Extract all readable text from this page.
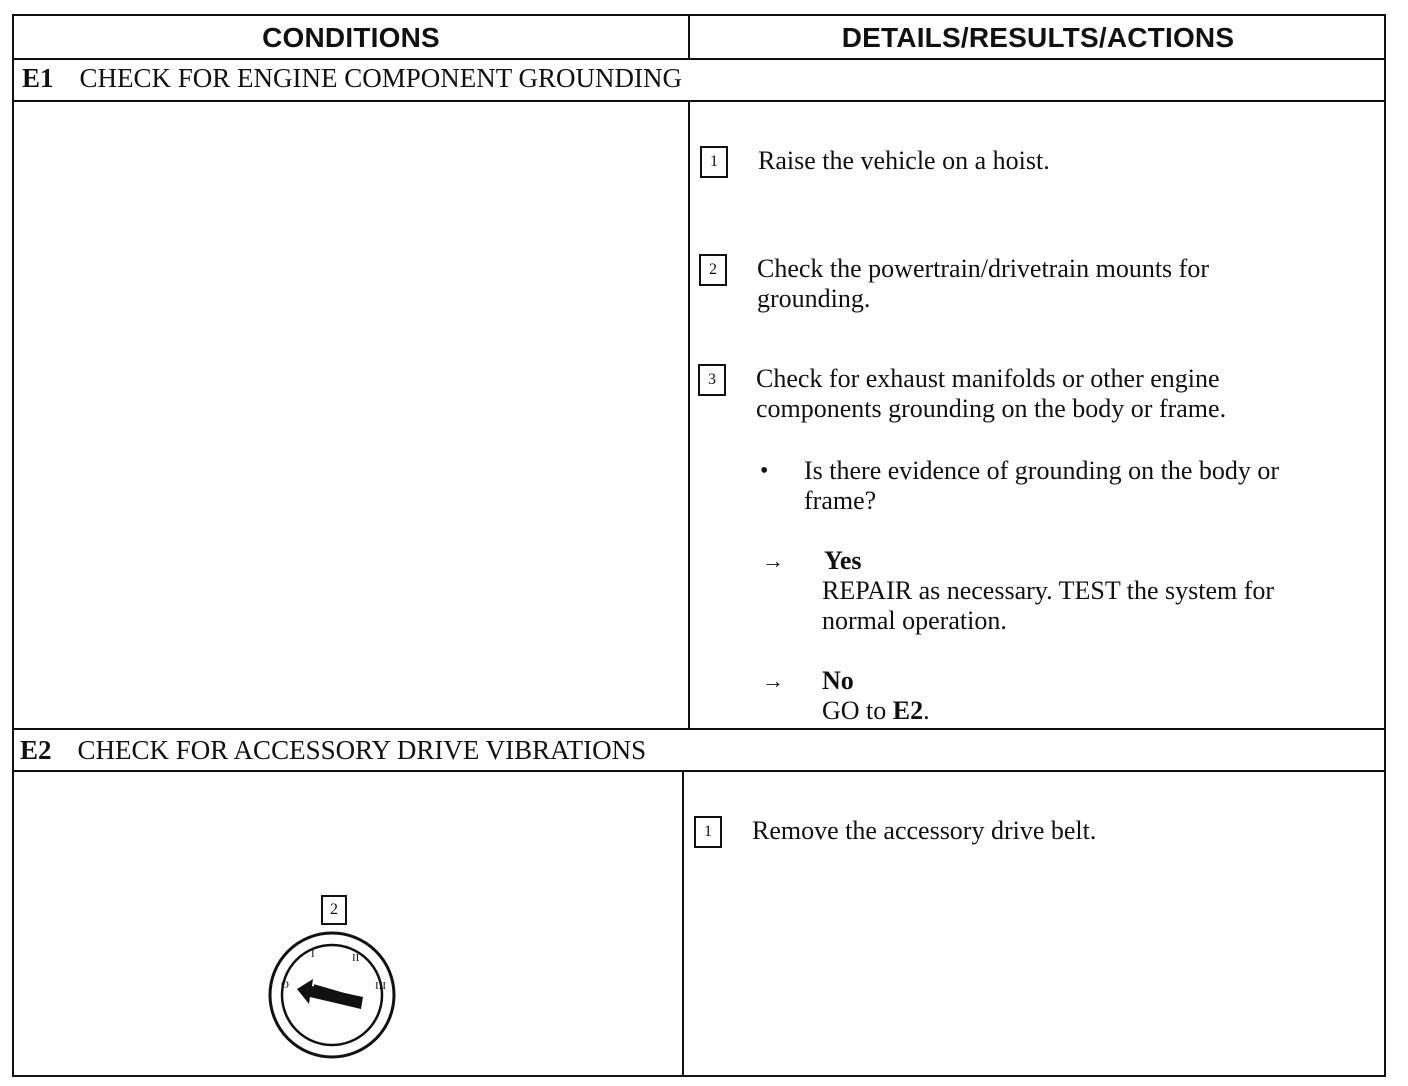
CONDITIONS	DETAILS/RESULTS/ACTIONS
E1 CHECK FOR ENGINE COMPONENT GROUNDING
1	Raise the vehicle on a hoist.
2	Check the powertrain/drivetrain mounts for
grounding.
3	Check for exhaust manifolds or other engine
components grounding on the body or frame.
• Is there evidence of grounding on the body or
frame?
→ Yes
REPAIR as necessary. TEST the system for
normal operation.
→ No
GO to E2.
E2 CHECK FOR ACCESSORY DRIVE VIBRATIONS
1	Remove the accessory drive belt.
2
O
I	II
III
